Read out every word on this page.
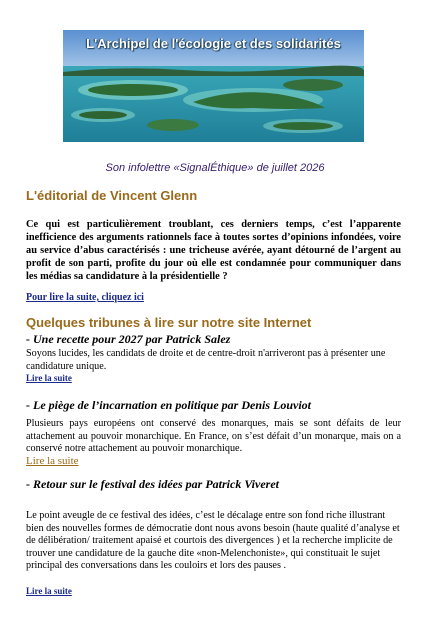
L'Archipel de l'écologie et des solidarités
Son infolettre «SignalÉthique» de juillet 2026
L'éditorial de Vincent Glenn
Ce qui est particulièrement troublant, ces derniers temps, c’est l’apparente inefficience des arguments rationnels face à toutes sortes d’opinions infondées, voire au service d’abus caractérisés : une tricheuse avérée, ayant détourné de l’argent au profit de son parti, profite du jour où elle est condamnée pour communiquer dans les médias sa candidature à la présidentielle ?
Pour lire la suite, cliquez ici
Quelques tribunes à lire sur notre site Internet
- Une recette pour 2027 par Patrick Salez
Soyons lucides, les candidats de droite et de centre-droit n'arriveront pas à présenter une candidature unique.
Lire la suite
- Le piège de l’incarnation en politique par Denis Louviot
Plusieurs pays européens ont conservé des monarques, mais se sont défaits de leur attachement au pouvoir monarchique. En France, on s’est défait d’un monarque, mais on a conservé notre attachement au pouvoir monarchique.
Lire la suite
- Retour sur le festival des idées par Patrick Viveret
Le point aveugle de ce festival des idées, c’est le décalage entre son fond riche illustrant bien des nouvelles formes de démocratie dont nous avons besoin (haute qualité d’analyse et de délibération/ traitement apaisé et courtois des divergences ) et la recherche implicite de trouver une candidature de la gauche dite «non-Melenchoniste», qui constituait le sujet principal des conversations dans les couloirs et lors des pauses .
Lire la suite
